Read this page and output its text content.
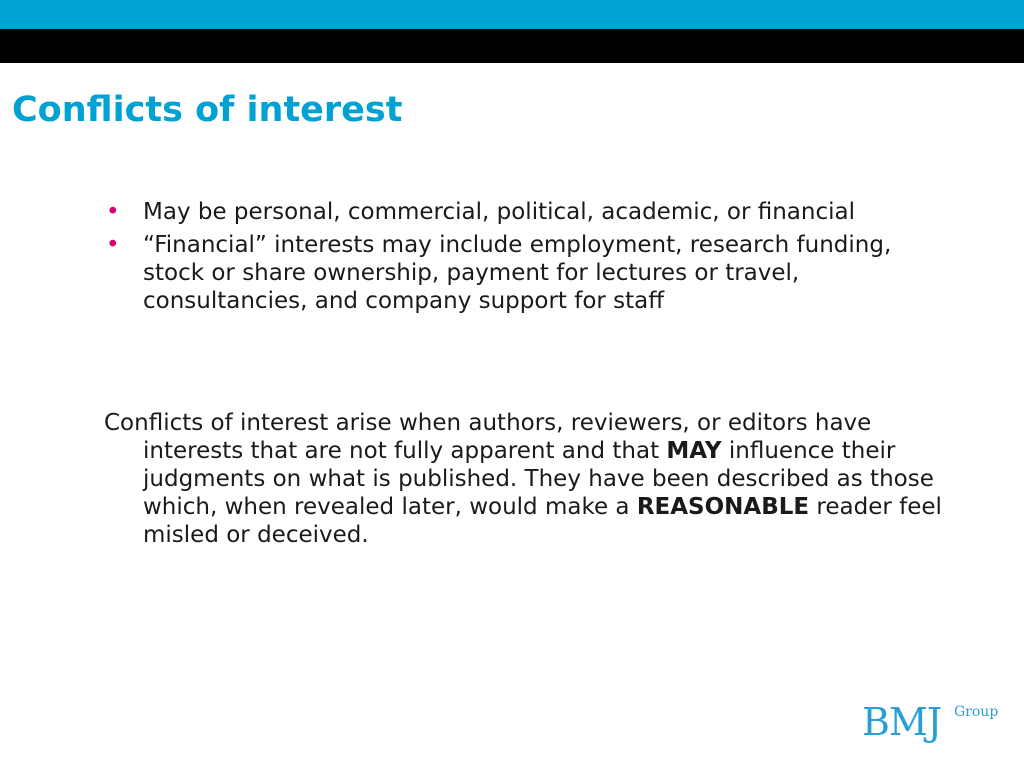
Conflicts of interest
• May be personal, commercial, political, academic, or financial
• “Financial” interests may include employment, research funding, stock or share ownership, payment for lectures or travel, consultancies, and company support for staff

Conflicts of interest arise when authors, reviewers, or editors have interests that are not fully apparent and that MAY influence their judgments on what is published. They have been described as those which, when revealed later, would make a REASONABLE reader feel misled or deceived.

BMJ Group
